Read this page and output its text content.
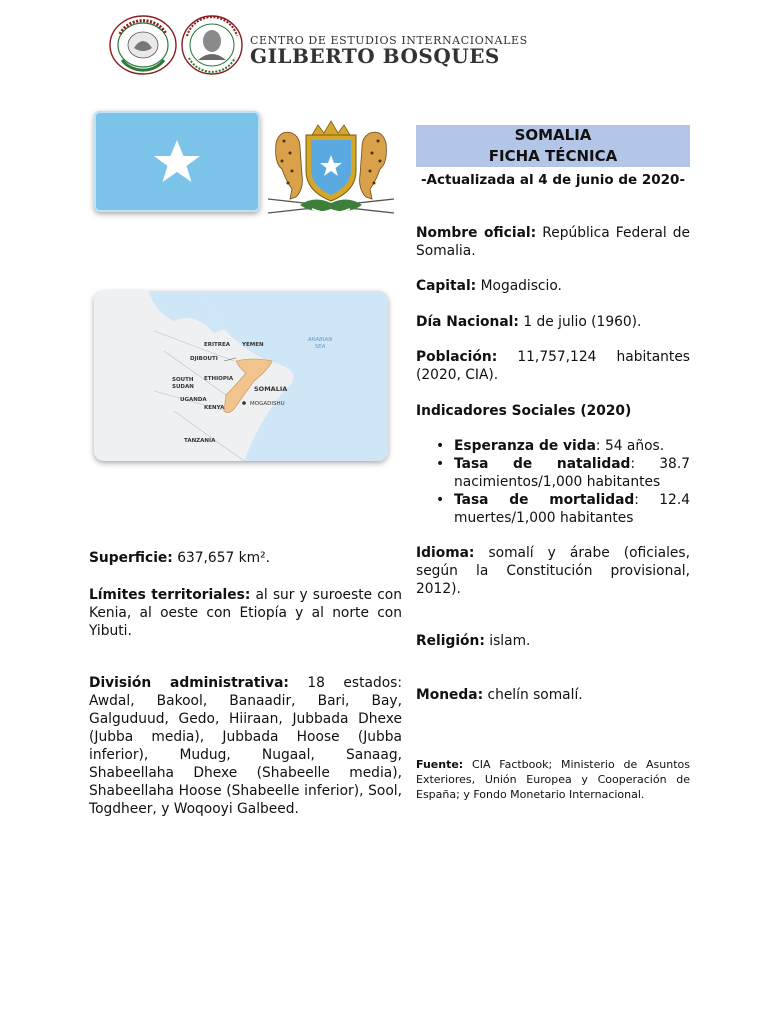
CENTRO DE ESTUDIOS INTERNACIONALES
GILBERTO BOSQUES
SOMALIA
FICHA TÉCNICA
-Actualizada al 4 de junio de 2020-
ERITREA YEMEN
DJIBOUTI
ETHIOPIA
SOUTH SUDAN	SOMALIA
UGANDA
KENYA
MOGADISHU
TANZANIA
ARABIAN SEA
Nombre oficial: República Federal de Somalia.
Capital: Mogadiscio.
Día Nacional: 1 de julio (1960).
Población: 11,757,124 habitantes (2020, CIA).
Indicadores Sociales (2020)
• Esperanza de vida: 54 años.
• Tasa de natalidad: 38.7 nacimientos/1,000 habitantes
• Tasa de mortalidad: 12.4 muertes/1,000 habitantes
Idioma: somalí y árabe (oficiales, según la Constitución provisional, 2012).
Religión: islam.
Moneda: chelín somalí.
Fuente: CIA Factbook; Ministerio de Asuntos Exteriores, Unión Europea y Cooperación de España; y Fondo Monetario Internacional.
Superficie: 637,657 km².
Límites territoriales: al sur y suroeste con Kenia, al oeste con Etiopía y al norte con Yibuti.
División administrativa: 18 estados: Awdal, Bakool, Banaadir, Bari, Bay, Galguduud, Gedo, Hiiraan, Jubbada Dhexe (Jubba media), Jubbada Hoose (Jubba inferior), Mudug, Nugaal, Sanaag, Shabeellaha Dhexe (Shabeelle media), Shabeellaha Hoose (Shabeelle inferior), Sool, Togdheer, y Woqooyi Galbeed.
